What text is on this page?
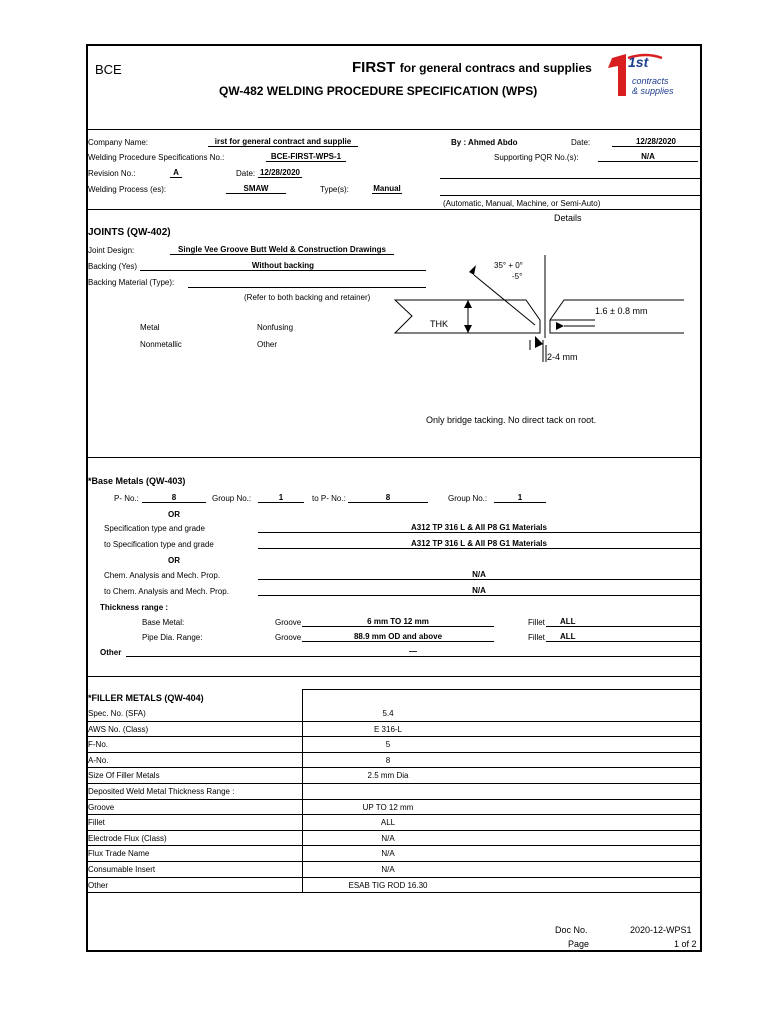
BCE	FIRST for general contracs and supplies
QW-482 WELDING PROCEDURE SPECIFICATION (WPS)
1st
contracts
& supplies
Company Name:	irst for general contract and supplie	By : Ahmed Abdo	Date:	12/28/2020
Welding Procedure Specifications No.:	BCE-FIRST-WPS-1	Supporting PQR No.(s):	N/A
Revision No.:	A	Date: 12/28/2020
Welding Process (es):	SMAW	Type(s):	Manual
(Automatic, Manual, Machine, or Semi-Auto)
Details
JOINTS (QW-402)
Joint Design:	Single Vee Groove Butt Weld & Construction Drawings
Backing (Yes)	Without backing
Backing Material (Type):
(Refer to both backing and retainer)
Metal	Nonfusing
Nonmetallic	Other
35° + 0°
-5°
THK
1.6 ± 0.8 mm
2-4 mm
Only bridge tacking. No direct tack on root.
*Base Metals (QW-403)
P- No.:	8	Group No.:	1	to P- No.:	8	Group No.:	1
OR
Specification type and grade	A312 TP 316 L & All P8 G1 Materials
to Specification type and grade	A312 TP 316 L & All P8 G1 Materials
OR
Chem. Analysis and Mech. Prop.	N/A
to Chem. Analysis and Mech. Prop.	N/A
Thickness range :
Base Metal:	Groove	6 mm TO 12 mm	Fillet	ALL
Pipe Dia. Range:	Groove	88.9 mm OD and above	Fillet	ALL
Other	—
*FILLER METALS (QW-404)
Spec. No. (SFA)	5.4
AWS No. (Class)	E 316-L
F-No.	5
A-No.	8
Size Of Filler Metals	2.5 mm Dia
Deposited Weld Metal Thickness Range :
Groove	UP TO 12 mm
Fillet	ALL
Electrode Flux (Class)	N/A
Flux Trade Name	N/A
Consumable Insert	N/A
Other	ESAB TIG ROD 16.30
Doc No.	2020-12-WPS1
Page	1 of 2
